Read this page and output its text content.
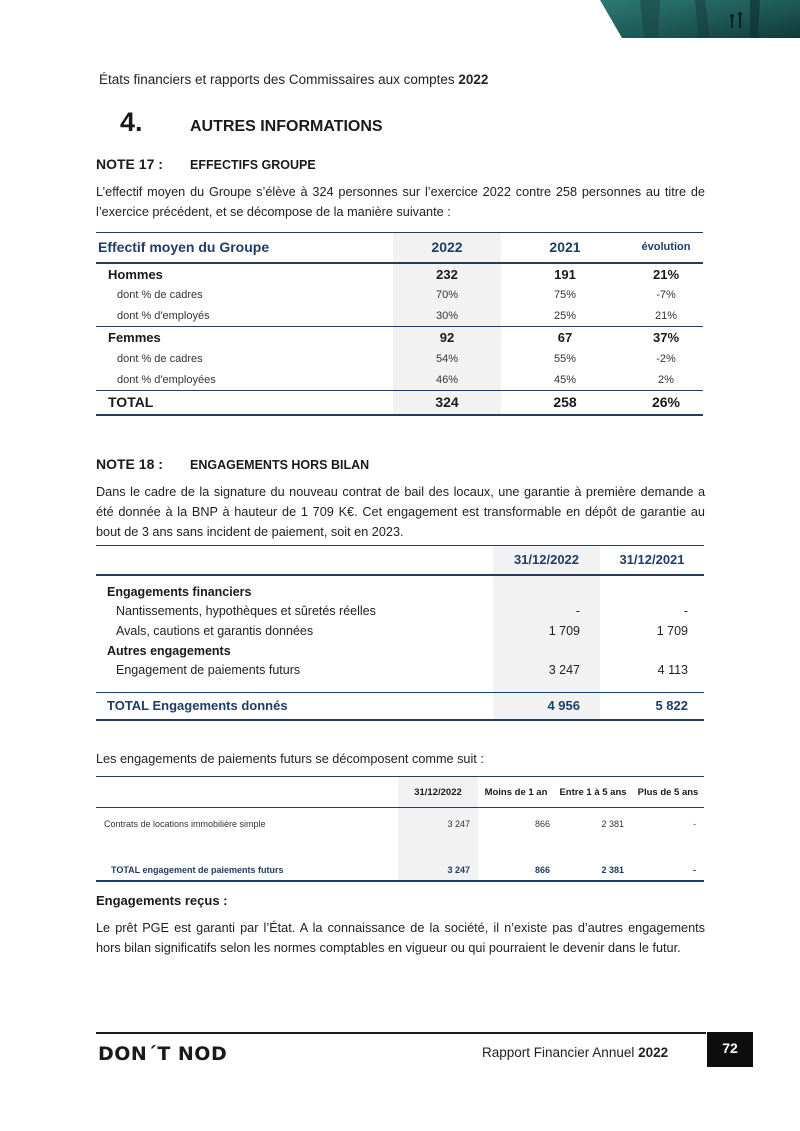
États financiers et rapports des Commissaires aux comptes 2022
4.	AUTRES INFORMATIONS
NOTE 17 : EFFECTIFS GROUPE
L’effectif moyen du Groupe s’élève à 324 personnes sur l’exercice 2022 contre 258 personnes au titre de l’exercice précédent, et se décompose de la manière suivante :
Effectif moyen du Groupe	2022	2021	évolution
Hommes	232	191	21%
dont % de cadres	70%	75%	-7%
dont % d'employés	30%	25%	21%
Femmes	92	67	37%
dont % de cadres	54%	55%	-2%
dont % d'employées	46%	45%	2%
TOTAL	324	258	26%
NOTE 18 : ENGAGEMENTS HORS BILAN
Dans le cadre de la signature du nouveau contrat de bail des locaux, une garantie à première demande a été donnée à la BNP à hauteur de 1 709 K€. Cet engagement est transformable en dépôt de garantie au bout de 3 ans sans incident de paiement, soit en 2023.
	31/12/2022	31/12/2021

Engagements financiers		
Nantissements, hypothèques et sûretés réelles	-	-
Avals, cautions et garantis données	1 709	1 709
Autres engagements		
Engagement de paiements futurs	3 247	4 113

TOTAL Engagements donnés	4 956	5 822
Les engagements de paiements futurs se décomposent comme suit :
	31/12/2022	Moins de 1 an	Entre 1 à 5 ans	Plus de 5 ans
Contrats de locations immobilière simple	3 247	866	2 381	-

TOTAL engagement de paiements futurs	3 247	866	2 381	-
Engagements reçus :
Le prêt PGE est garanti par l’État. A la connaissance de la société, il n’existe pas d’autres engagements hors bilan significatifs selon les normes comptables en vigueur ou qui pourraient le devenir dans le futur.
DON´T NOD	Rapport Financier Annuel 2022	72
